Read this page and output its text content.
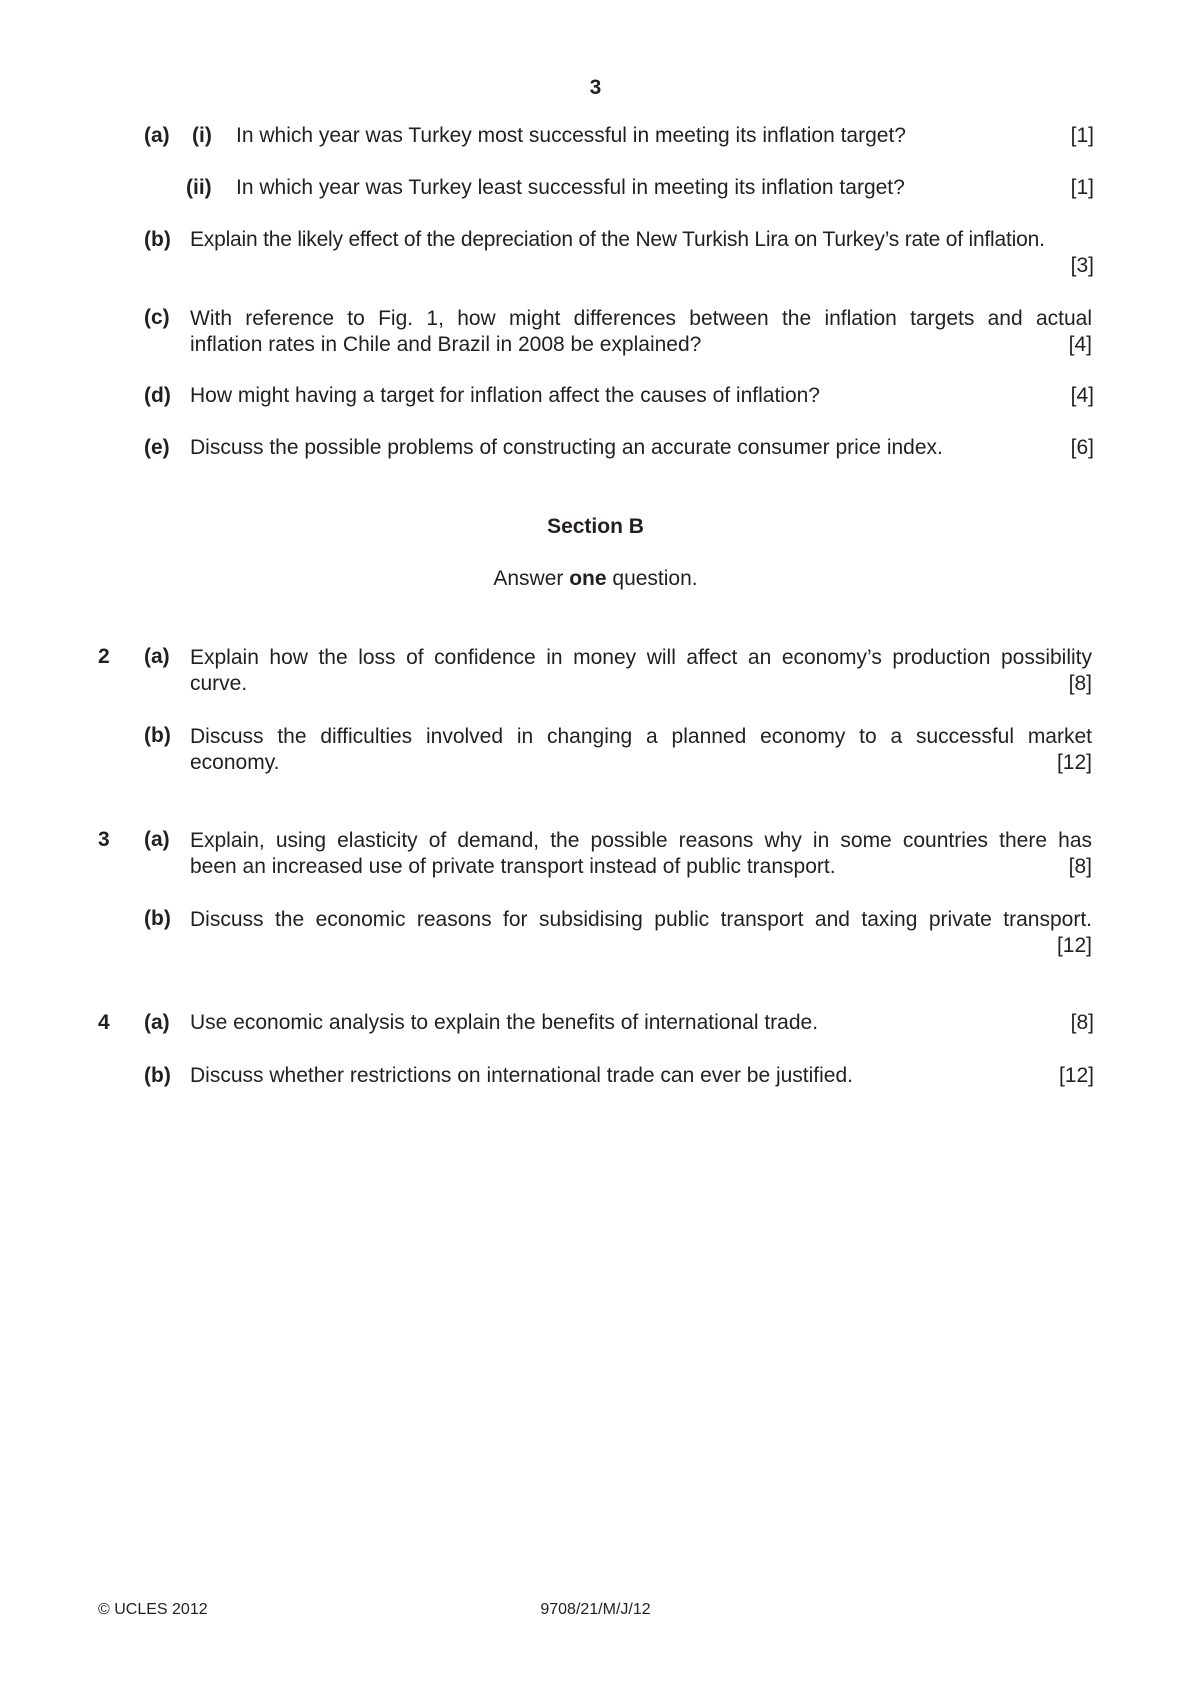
3
(a) (i) In which year was Turkey most successful in meeting its inflation target?	[1]
(ii) In which year was Turkey least successful in meeting its inflation target?	[1]
(b) Explain the likely effect of the depreciation of the New Turkish Lira on Turkey’s rate of inflation.
[3]
(c) With reference to Fig. 1, how might differences between the inflation targets and actual
inflation rates in Chile and Brazil in 2008 be explained?	[4]
(d) How might having a target for inflation affect the causes of inflation?	[4]
(e) Discuss the possible problems of constructing an accurate consumer price index.	[6]
Section B
Answer one question.
2 (a) Explain how the loss of confidence in money will affect an economy’s production possibility
curve.	[8]
(b) Discuss the difficulties involved in changing a planned economy to a successful market
economy.	[12]
3 (a) Explain, using elasticity of demand, the possible reasons why in some countries there has
been an increased use of private transport instead of public transport.	[8]
(b) Discuss the economic reasons for subsidising public transport and taxing private transport.
[12]
4 (a) Use economic analysis to explain the benefits of international trade.	[8]
(b) Discuss whether restrictions on international trade can ever be justified.	[12]
© UCLES 2012	9708/21/M/J/12
